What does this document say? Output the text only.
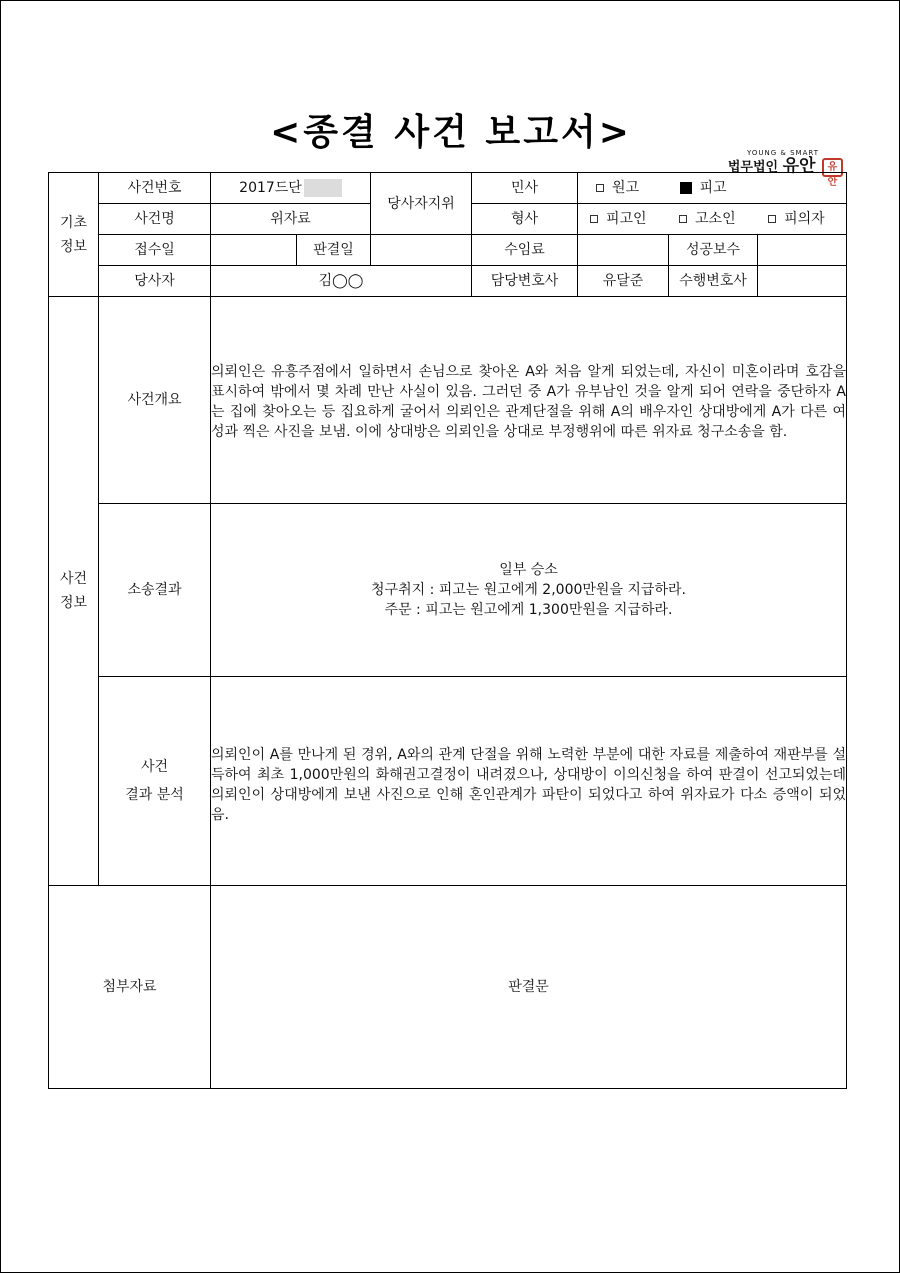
<종결 사건 보고서>	YOUNG & SMART
법무법인 유안 유안
기초
정보	사건번호	2017드단		당사자지위	민사	원고 피고		
	사건명	위자료			형사	피고인 고소인 피의자		
	접수일		판결일		수임료		성공보수	
	당사자	김◯◯			담당변호사	유달준	수행변호사	
사건
정보	사건개요	의뢰인은 유흥주점에서 일하면서 손님으로 찾아온 A와 처음 알게 되었는데, 자신이 미혼이라며 호감을 표시하여 밖에서 몇 차례 만난 사실이 있음. 그러던 중 A가 유부남인 것을 알게 되어 연락을 중단하자 A는 집에 찾아오는 등 집요하게 굴어서 의뢰인은 관계단절을 위해 A의 배우자인 상대방에게 A가 다른 여성과 찍은 사진을 보냄. 이에 상대방은 의뢰인을 상대로 부정행위에 따른 위자료 청구소송을 함.						

	소송결과	일부 승소
청구취지 : 피고는 원고에게 2,000만원을 지급하라.
주문 : 피고는 원고에게 1,300만원을 지급하라.						

	사건
결과 분석	의뢰인이 A를 만나게 된 경위, A와의 관계 단절을 위해 노력한 부분에 대한 자료를 제출하여 재판부를 설득하여 최초 1,000만원의 화해권고결정이 내려졌으나, 상대방이 이의신청을 하여 판결이 선고되었는데 의뢰인이 상대방에게 보낸 사진으로 인해 혼인관계가 파탄이 되었다고 하여 위자료가 다소 증액이 되었음.						

첨부자료		판결문						
